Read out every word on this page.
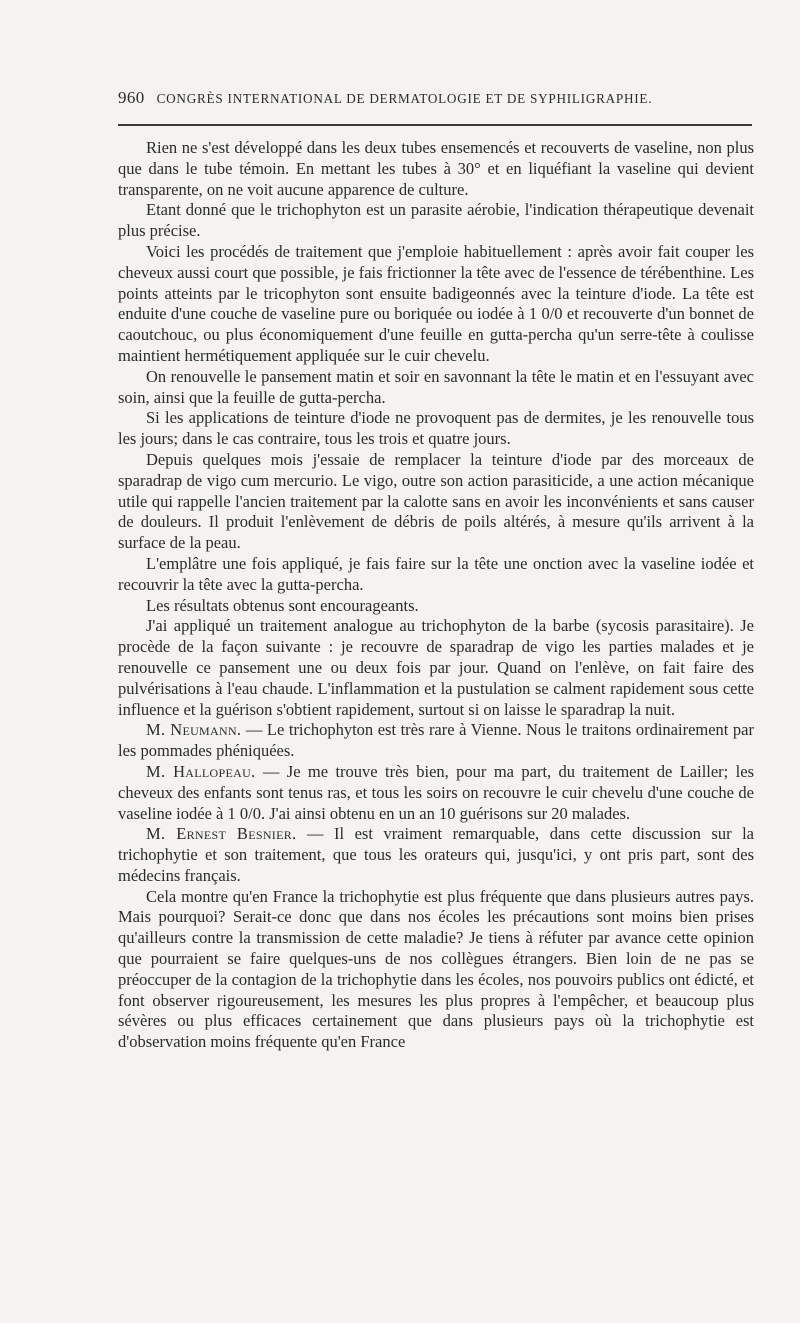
960 CONGRÈS INTERNATIONAL DE DERMATOLOGIE ET DE SYPHILIGRAPHIE.

Rien ne s'est développé dans les deux tubes ensemencés et recouverts de vaseline, non plus que dans le tube témoin. En mettant les tubes à 30° et en liquéfiant la vaseline qui devient transparente, on ne voit aucune apparence de culture.

Etant donné que le trichophyton est un parasite aérobie, l'indication thérapeutique devenait plus précise.

Voici les procédés de traitement que j'emploie habituellement : après avoir fait couper les cheveux aussi court que possible, je fais frictionner la tête avec de l'essence de térébenthine. Les points atteints par le tricophyton sont ensuite badigeonnés avec la teinture d'iode. La tête est enduite d'une couche de vaseline pure ou boriquée ou iodée à 1 0/0 et recouverte d'un bonnet de caoutchouc, ou plus économiquement d'une feuille en gutta-percha qu'un serre-tête à coulisse maintient hermétiquement appliquée sur le cuir chevelu.

On renouvelle le pansement matin et soir en savonnant la tête le matin et en l'essuyant avec soin, ainsi que la feuille de gutta-percha.

Si les applications de teinture d'iode ne provoquent pas de dermites, je les renouvelle tous les jours; dans le cas contraire, tous les trois et quatre jours.

Depuis quelques mois j'essaie de remplacer la teinture d'iode par des morceaux de sparadrap de vigo cum mercurio. Le vigo, outre son action parasiticide, a une action mécanique utile qui rappelle l'ancien traitement par la calotte sans en avoir les inconvénients et sans causer de douleurs. Il produit l'enlèvement de débris de poils altérés, à mesure qu'ils arrivent à la surface de la peau.

L'emplâtre une fois appliqué, je fais faire sur la tête une onction avec la vaseline iodée et recouvrir la tête avec la gutta-percha.

Les résultats obtenus sont encourageants.

J'ai appliqué un traitement analogue au trichophyton de la barbe (sycosis parasitaire). Je procède de la façon suivante : je recouvre de sparadrap de vigo les parties malades et je renouvelle ce pansement une ou deux fois par jour. Quand on l'enlève, on fait faire des pulvérisations à l'eau chaude. L'inflammation et la pustulation se calment rapidement sous cette influence et la guérison s'obtient rapidement, surtout si on laisse le sparadrap la nuit.

M. Neumann. — Le trichophyton est très rare à Vienne. Nous le traitons ordinairement par les pommades phéniquées.

M. Hallopeau. — Je me trouve très bien, pour ma part, du traitement de Lailler; les cheveux des enfants sont tenus ras, et tous les soirs on recouvre le cuir chevelu d'une couche de vaseline iodée à 1 0/0. J'ai ainsi obtenu en un an 10 guérisons sur 20 malades.

M. Ernest Besnier. — Il est vraiment remarquable, dans cette discussion sur la trichophytie et son traitement, que tous les orateurs qui, jusqu'ici, y ont pris part, sont des médecins français.

Cela montre qu'en France la trichophytie est plus fréquente que dans plusieurs autres pays. Mais pourquoi? Serait-ce donc que dans nos écoles les précautions sont moins bien prises qu'ailleurs contre la transmission de cette maladie? Je tiens à réfuter par avance cette opinion que pourraient se faire quelques-uns de nos collègues étrangers. Bien loin de ne pas se préoccuper de la contagion de la trichophytie dans les écoles, nos pouvoirs publics ont édicté, et font observer rigoureusement, les mesures les plus propres à l'empêcher, et beaucoup plus sévères ou plus efficaces certainement que dans plusieurs pays où la trichophytie est d'observation moins fréquente qu'en France
